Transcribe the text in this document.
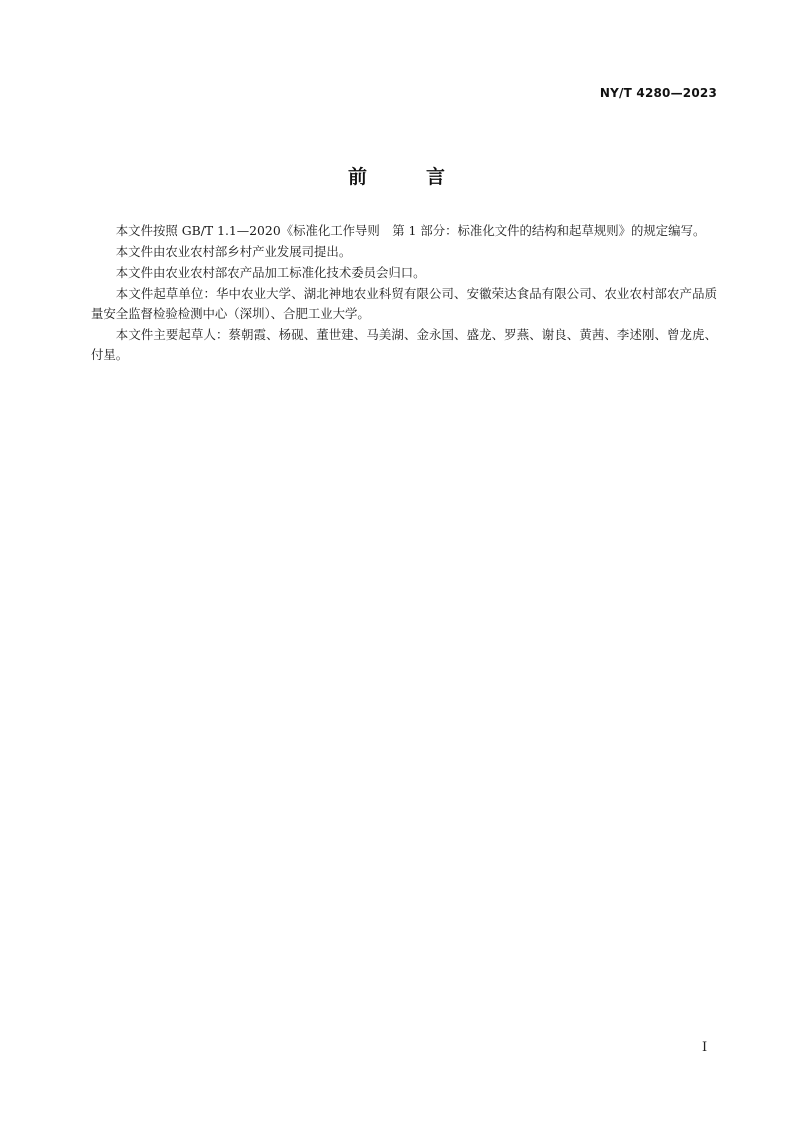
NY/T 4280—2023
前　言

本文件按照 GB/T 1.1—2020《标准化工作导则　第 1 部分：标准化文件的结构和起草规则》的规定编写。

本文件由农业农村部乡村产业发展司提出。

本文件由农业农村部农产品加工标准化技术委员会归口。

本文件起草单位：华中农业大学、湖北神地农业科贸有限公司、安徽荣达食品有限公司、农业农村部农产品质量安全监督检验检测中心（深圳）、合肥工业大学。

本文件主要起草人：蔡朝霞、杨砚、董世建、马美湖、金永国、盛龙、罗燕、谢良、黄茜、李述刚、曾龙虎、付星。

I
